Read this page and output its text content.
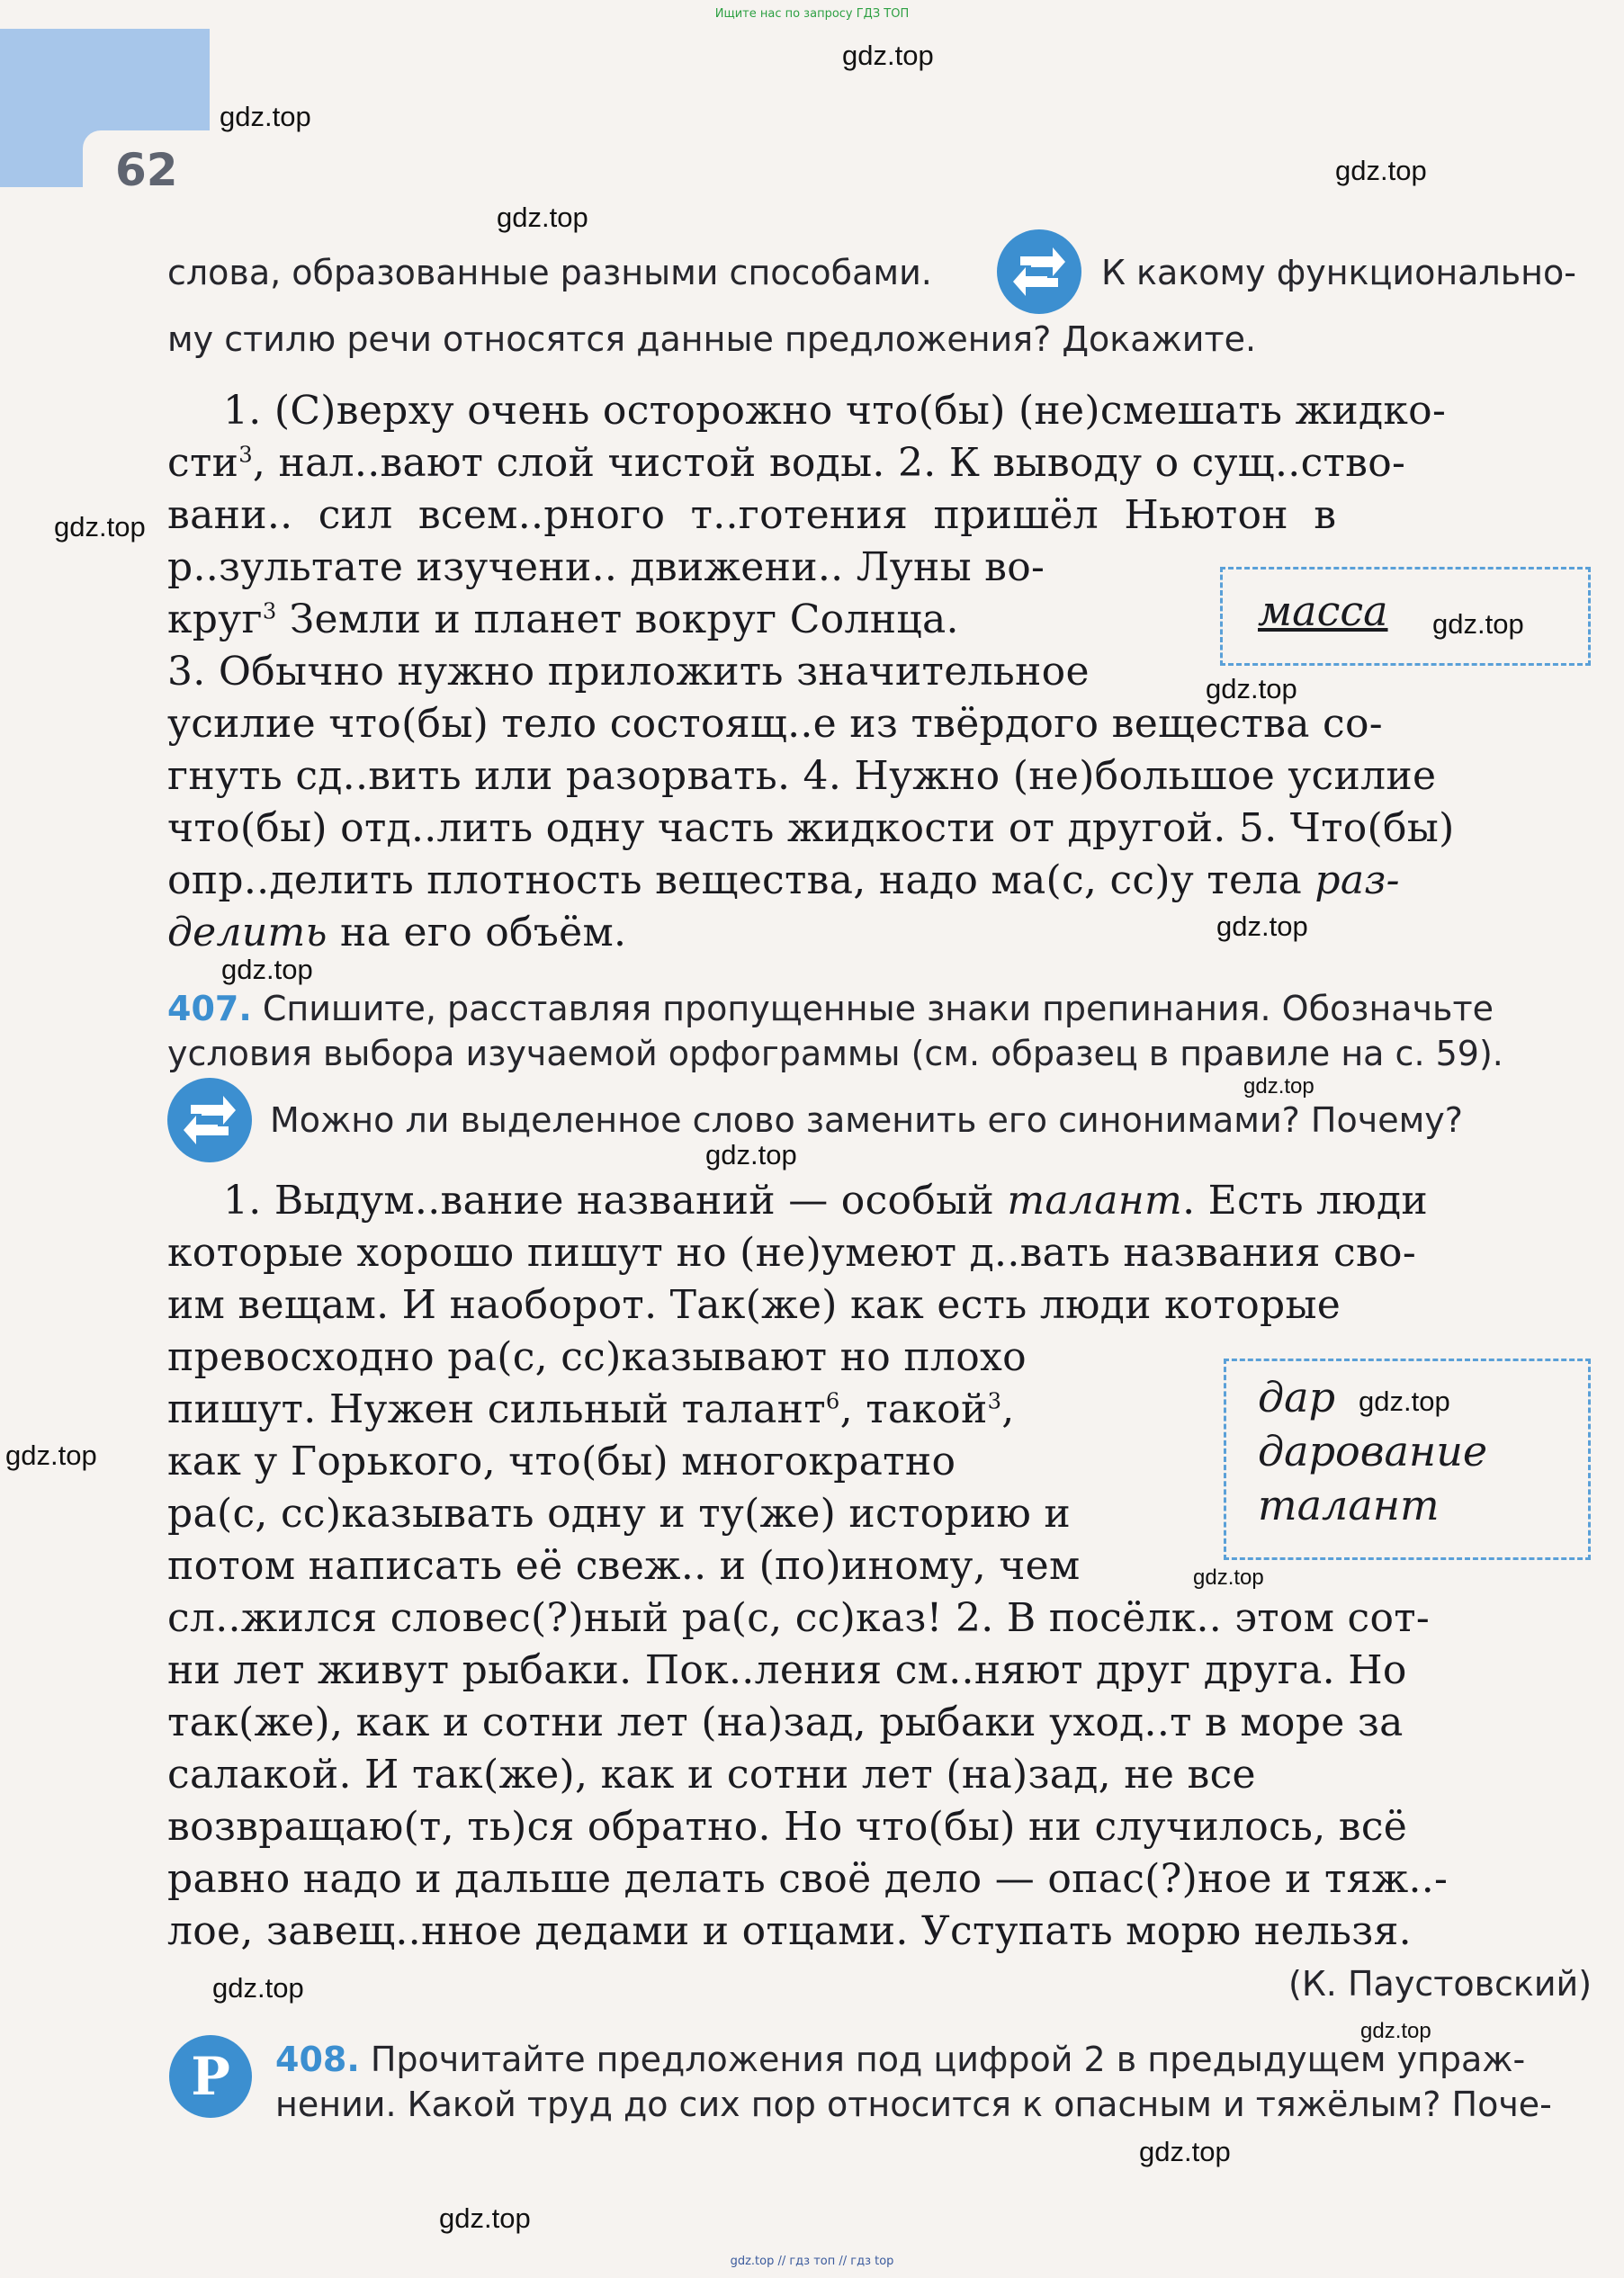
Ищите нас по запросу ГДЗ ТОП
62
слова, образованные разными способами.	К какому функционально-
му стилю речи относятся данные предложения? Докажите.
1. (С)верху очень осторожно что(бы) (не)смешать жидко-
сти$^3$, нал..вают слой чистой воды. 2. К выводу о сущ..ство-
вани.. сил всем..рного т..готения пришёл Ньютон в
р..зультате изучени.. движени.. Луны во-
круг$^3$ Земли и планет вокруг Солнца.
3. Обычно нужно приложить значительное
усилие что(бы) тело состоящ..е из твёрдого вещества со-
гнуть сд..вить или разорвать. 4. Нужно (не)большое усилие
что(бы) отд..лить одну часть жидкости от другой. 5. Что(бы)
опр..делить плотность вещества, надо ма(с, сс)у тела раз-
делить на его объём.
масса
407. Спишите, расставляя пропущенные знаки препинания. Обозначьте
условия выбора изучаемой орфограммы (см. образец в правиле на с. 59).
Можно ли выделенное слово заменить его синонимами? Почему?
1. Выдум..вание названий — особый талант. Есть люди
которые хорошо пишут но (не)умеют д..вать названия сво-
им вещам. И наоборот. Так(же) как есть люди которые
превосходно ра(с, сс)казывают но плохо
пишут. Нужен сильный талант$^6$, такой$^3$,
как у Горького, что(бы) многократно
ра(с, сс)казывать одну и ту(же) историю и
потом написать её свеж.. и (по)иному, чем
сл..жился словес(?)ный ра(с, сс)каз! 2. В посёлк.. этом сот-
ни лет живут рыбаки. Пок..ления см..няют друг друга. Но
так(же), как и сотни лет (на)зад, рыбаки уход..т в море за
салакой. И так(же), как и сотни лет (на)зад, не все
возвращаю(т, ть)ся обратно. Но что(бы) ни случилось, всё
равно надо и дальше делать своё дело — опас(?)ное и тяж..-
лое, завещ..нное дедами и отцами. Уступать морю нельзя.
(К. Паустовский)
дар
дарование
талант
Р	408. Прочитайте предложения под цифрой 2 в предыдущем упраж-
нении. Какой труд до сих пор относится к опасным и тяжёлым? Поче-
gdz.top
gdz.top
gdz.top
gdz.top
gdz.top
gdz.top
gdz.top
gdz.top
gdz.top
gdz.top
gdz.top
gdz.top
gdz.top
gdz.top
gdz.top
gdz.top
gdz.top
gdz.top
gdz.top // гдз топ // гдз top
